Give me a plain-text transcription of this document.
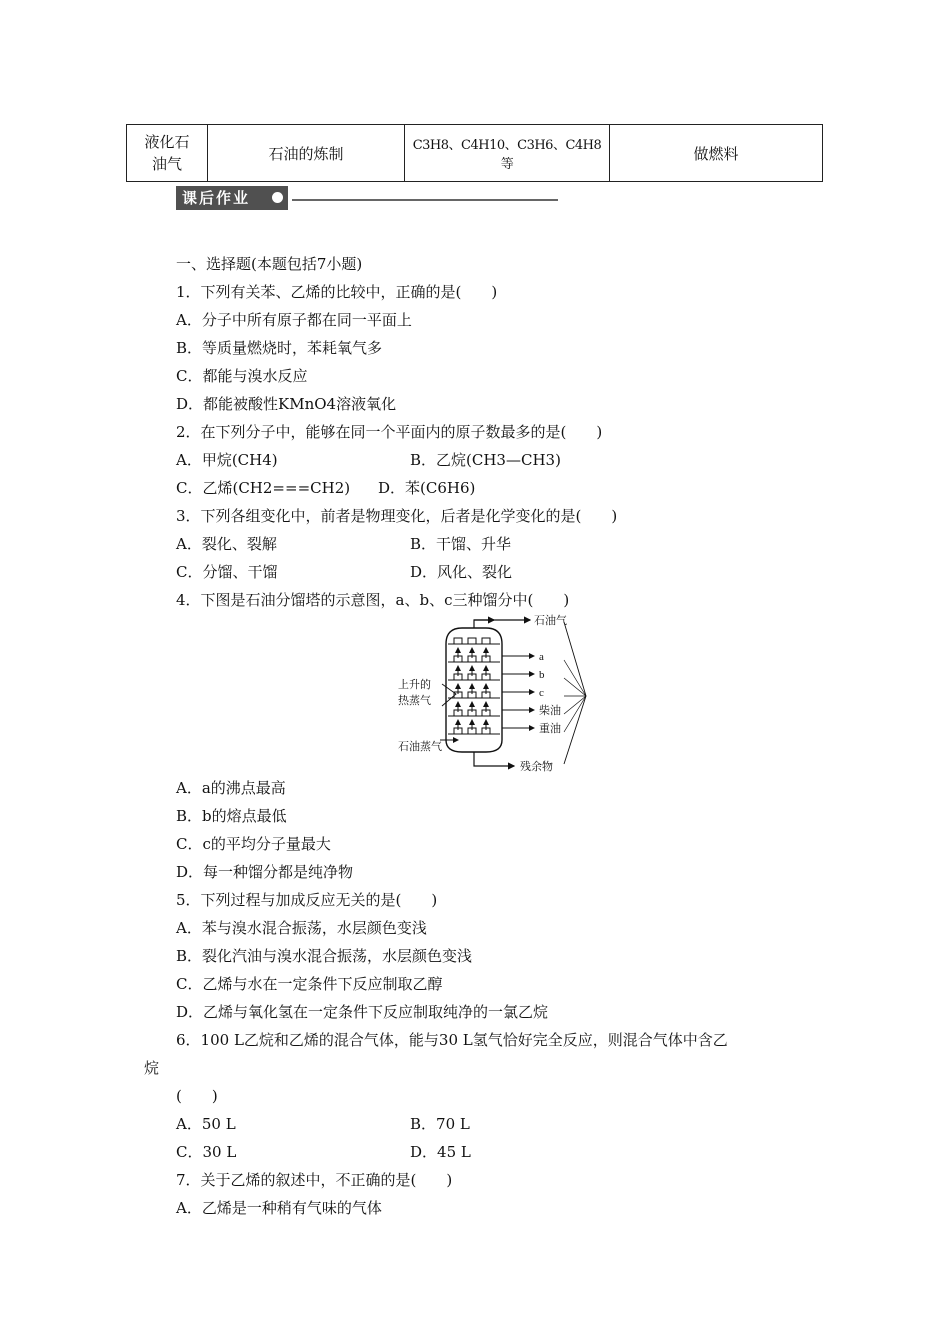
液化石
油气
	石油的炼制	C3H8、C4H10、C3H6、C4H8等	做燃料
课后作业
一、选择题(本题包括7小题)
1．下列有关苯、乙烯的比较中，正确的是(　　)
A．分子中所有原子都在同一平面上
B．等质量燃烧时，苯耗氧气多
C．都能与溴水反应
D．都能被酸性KMnO4溶液氧化
2．在下列分子中，能够在同一个平面内的原子数最多的是(　　)
A．甲烷(CH4)	B．乙烷(CH3—CH3)
C．乙烯(CH2===CH2) D．苯(C6H6)
3．下列各组变化中，前者是物理变化，后者是化学变化的是(　　)
A．裂化、裂解	B．干馏、升华
C．分馏、干馏	D．风化、裂化
4．下图是石油分馏塔的示意图，a、b、c三种馏分中(　　)
石油气
a
b
c
柴油
重油
上升的
热蒸气
石油蒸气
残余物
A．a的沸点最高
B．b的熔点最低
C．c的平均分子量最大
D．每一种馏分都是纯净物
5．下列过程与加成反应无关的是(　　)
A．苯与溴水混合振荡，水层颜色变浅
B．裂化汽油与溴水混合振荡，水层颜色变浅
C．乙烯与水在一定条件下反应制取乙醇
D．乙烯与氧化氢在一定条件下反应制取纯净的一氯乙烷
6．100 L乙烷和乙烯的混合气体，能与30 L氢气恰好完全反应，则混合气体中含乙
烷
(　　)
A．50 L	B．70 L
C．30 L	D．45 L
7．关于乙烯的叙述中，不正确的是(　　)
A．乙烯是一种稍有气味的气体
